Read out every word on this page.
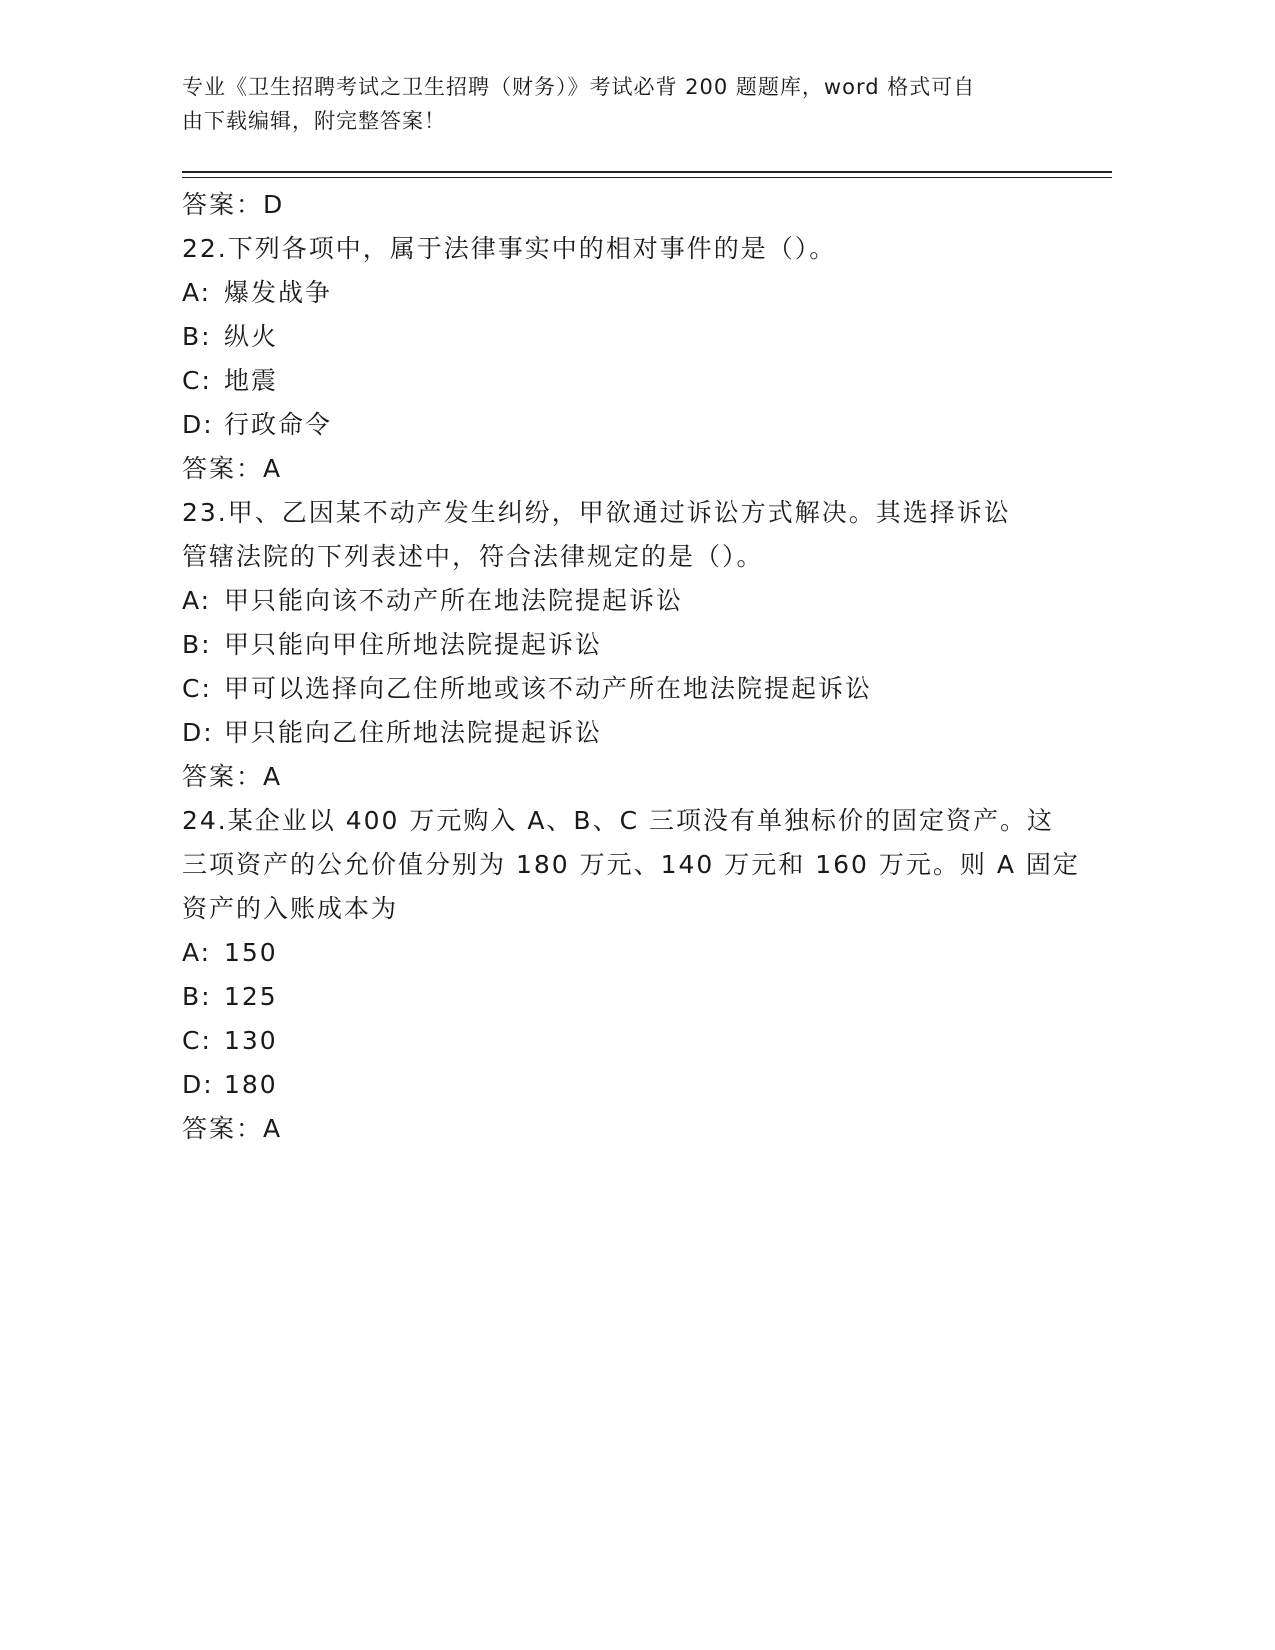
专业《卫生招聘考试之卫生招聘（财务）》考试必背 200 题题库，word 格式可自
由下载编辑，附完整答案！
答案：D
22.下列各项中，属于法律事实中的相对事件的是（）。
A: 爆发战争
B: 纵火
C: 地震
D: 行政命令
答案：A
23.甲、乙因某不动产发生纠纷，甲欲通过诉讼方式解决。其选择诉讼
管辖法院的下列表述中，符合法律规定的是（）。
A: 甲只能向该不动产所在地法院提起诉讼
B: 甲只能向甲住所地法院提起诉讼
C: 甲可以选择向乙住所地或该不动产所在地法院提起诉讼
D: 甲只能向乙住所地法院提起诉讼
答案：A
24.某企业以 400 万元购入 A、B、C 三项没有单独标价的固定资产。这
三项资产的公允价值分别为 180 万元、140 万元和 160 万元。则 A 固定
资产的入账成本为
A: 150
B: 125
C: 130
D: 180
答案：A
